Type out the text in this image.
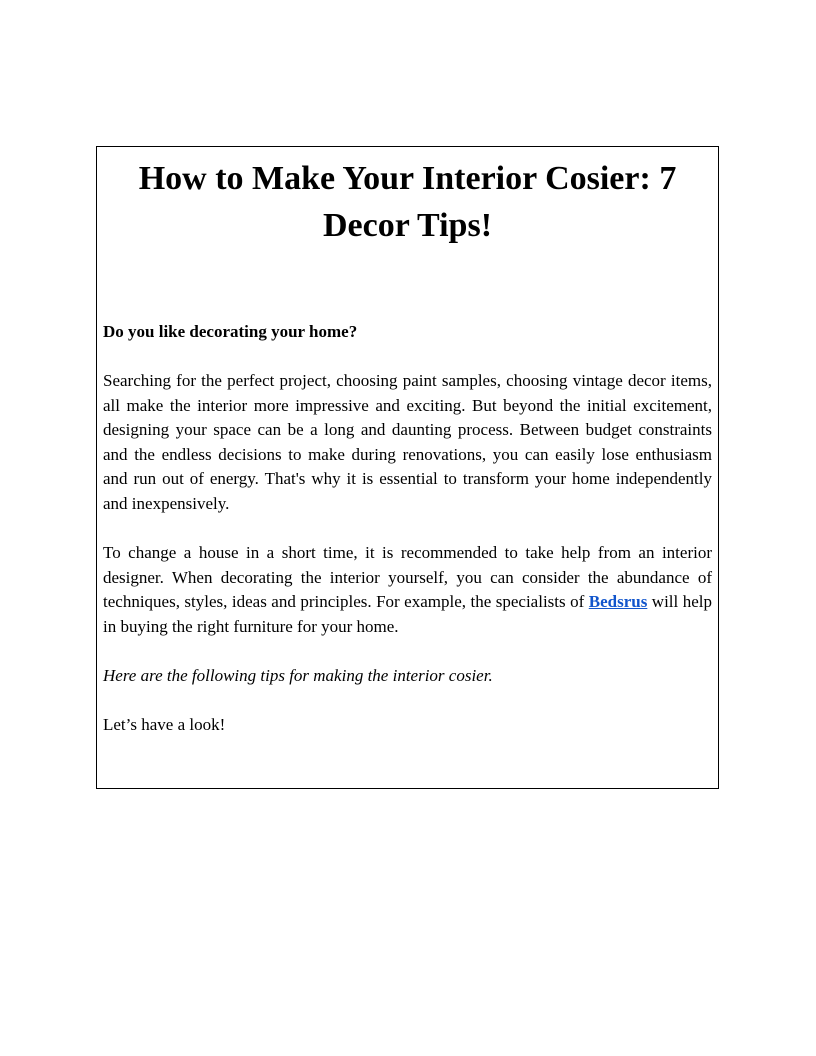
How to Make Your Interior Cosier: 7 Decor Tips!
Do you like decorating your home?
Searching for the perfect project, choosing paint samples, choosing vintage decor items, all make the interior more impressive and exciting. But beyond the initial excitement, designing your space can be a long and daunting process. Between budget constraints and the endless decisions to make during renovations, you can easily lose enthusiasm and run out of energy. That's why it is essential to transform your home independently and inexpensively.
To change a house in a short time, it is recommended to take help from an interior designer. When decorating the interior yourself, you can consider the abundance of techniques, styles, ideas and principles. For example, the specialists of Bedsrus will help in buying the right furniture for your home.
Here are the following tips for making the interior cosier.
Let’s have a look!
